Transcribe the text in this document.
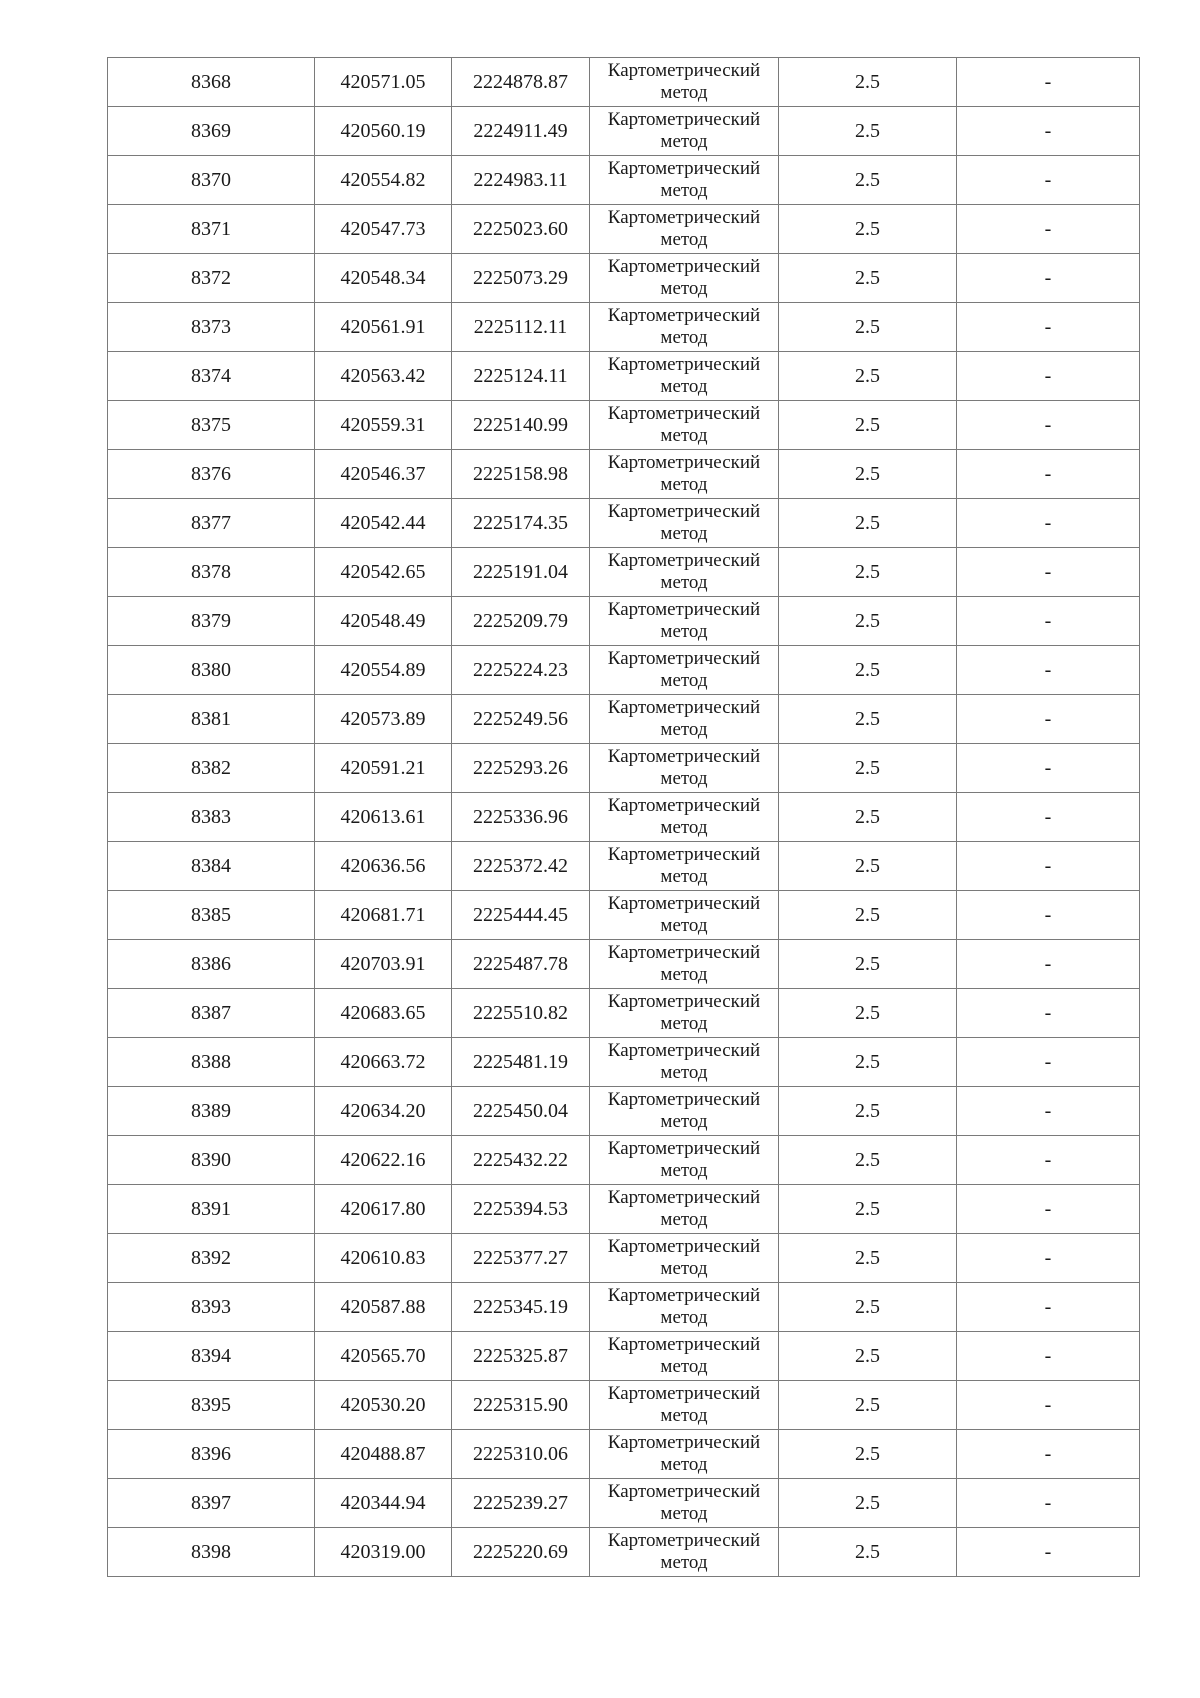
8368	420571.05	2224878.87	Картометрический
метод	2.5	-
8369	420560.19	2224911.49	Картометрический
метод	2.5	-
8370	420554.82	2224983.11	Картометрический
метод	2.5	-
8371	420547.73	2225023.60	Картометрический
метод	2.5	-
8372	420548.34	2225073.29	Картометрический
метод	2.5	-
8373	420561.91	2225112.11	Картометрический
метод	2.5	-
8374	420563.42	2225124.11	Картометрический
метод	2.5	-
8375	420559.31	2225140.99	Картометрический
метод	2.5	-
8376	420546.37	2225158.98	Картометрический
метод	2.5	-
8377	420542.44	2225174.35	Картометрический
метод	2.5	-
8378	420542.65	2225191.04	Картометрический
метод	2.5	-
8379	420548.49	2225209.79	Картометрический
метод	2.5	-
8380	420554.89	2225224.23	Картометрический
метод	2.5	-
8381	420573.89	2225249.56	Картометрический
метод	2.5	-
8382	420591.21	2225293.26	Картометрический
метод	2.5	-
8383	420613.61	2225336.96	Картометрический
метод	2.5	-
8384	420636.56	2225372.42	Картометрический
метод	2.5	-
8385	420681.71	2225444.45	Картометрический
метод	2.5	-
8386	420703.91	2225487.78	Картометрический
метод	2.5	-
8387	420683.65	2225510.82	Картометрический
метод	2.5	-
8388	420663.72	2225481.19	Картометрический
метод	2.5	-
8389	420634.20	2225450.04	Картометрический
метод	2.5	-
8390	420622.16	2225432.22	Картометрический
метод	2.5	-
8391	420617.80	2225394.53	Картометрический
метод	2.5	-
8392	420610.83	2225377.27	Картометрический
метод	2.5	-
8393	420587.88	2225345.19	Картометрический
метод	2.5	-
8394	420565.70	2225325.87	Картометрический
метод	2.5	-
8395	420530.20	2225315.90	Картометрический
метод	2.5	-
8396	420488.87	2225310.06	Картометрический
метод	2.5	-
8397	420344.94	2225239.27	Картометрический
метод	2.5	-
8398	420319.00	2225220.69	Картометрический
метод	2.5	-
